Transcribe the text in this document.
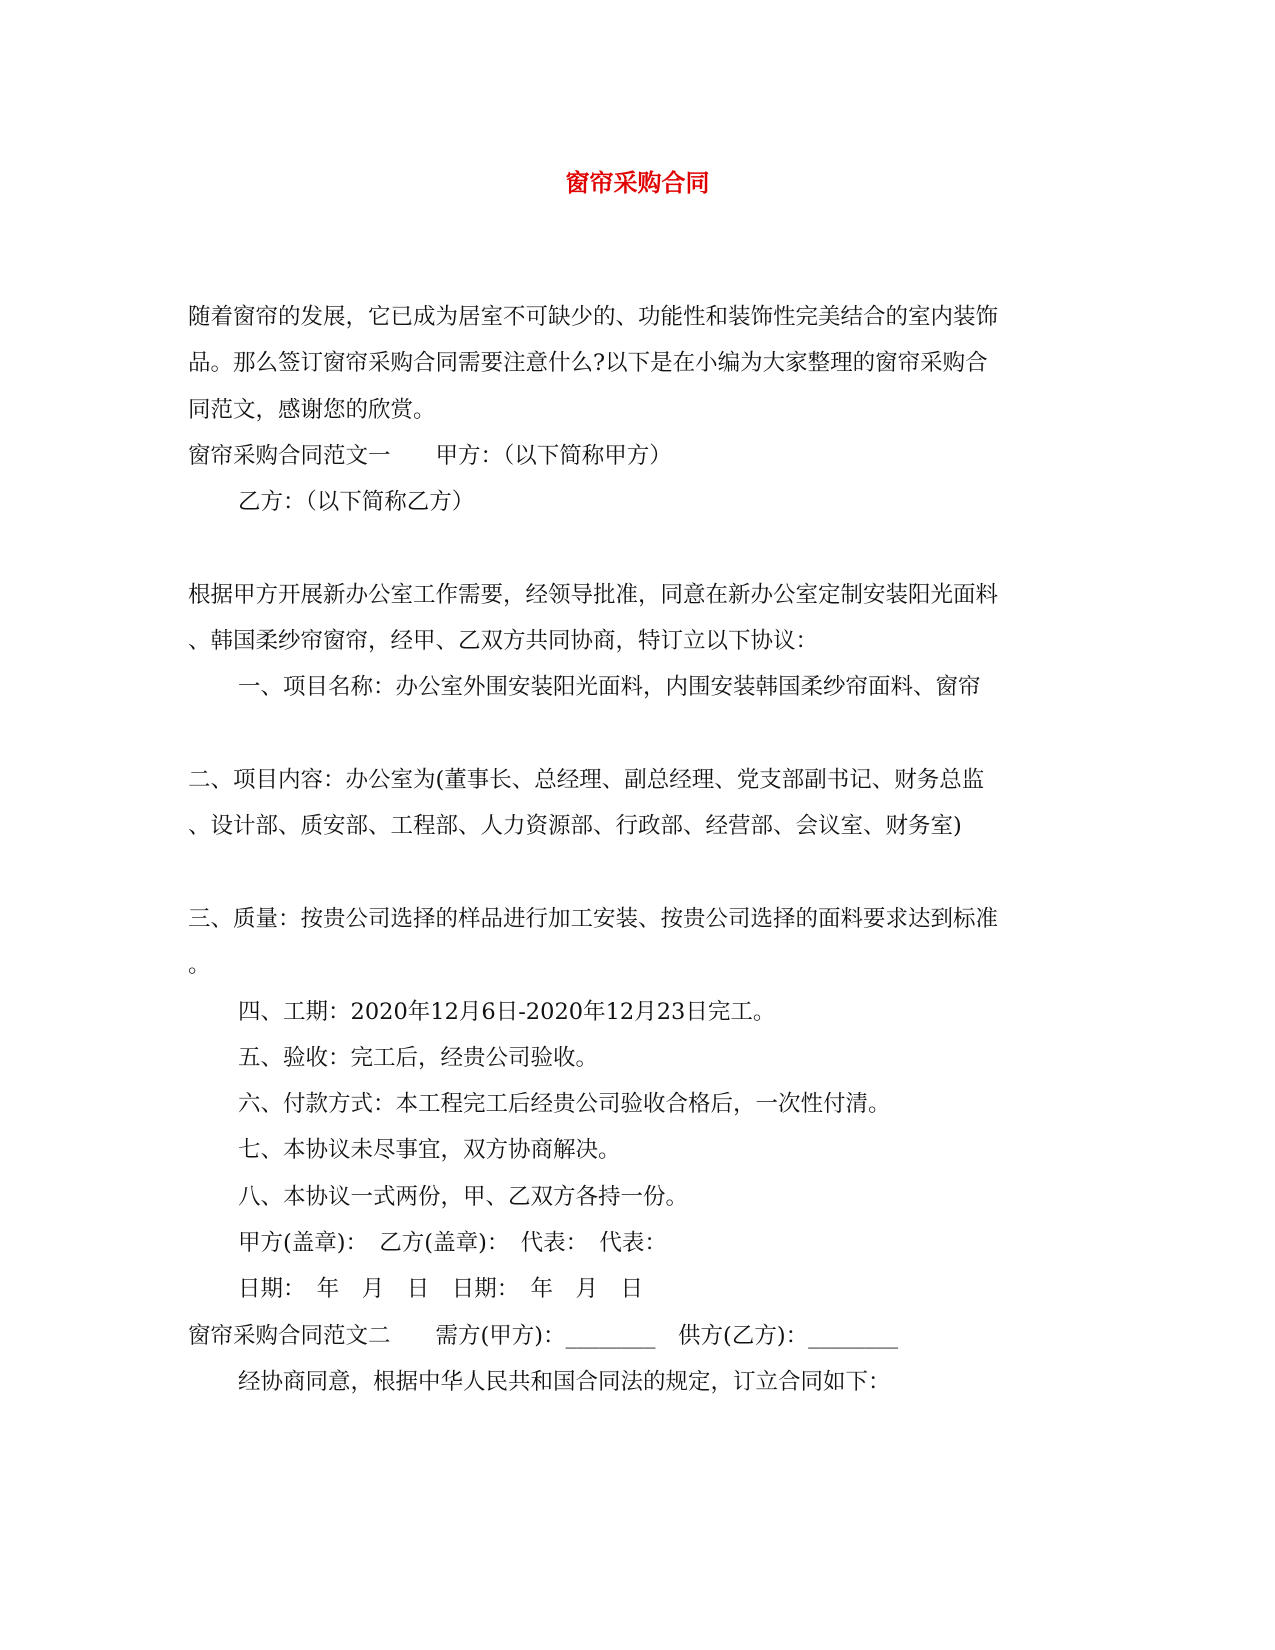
窗帘采购合同
随着窗帘的发展，它已成为居室不可缺少的、功能性和装饰性完美结合的室内装饰
品。那么签订窗帘采购合同需要注意什么?以下是在小编为大家整理的窗帘采购合
同范文，感谢您的欣赏。
窗帘采购合同范文一　　甲方：（以下简称甲方）
乙方：（以下简称乙方）
根据甲方开展新办公室工作需要，经领导批准，同意在新办公室定制安装阳光面料
、韩国柔纱帘窗帘，经甲、乙双方共同协商，特订立以下协议：
一、项目名称：办公室外围安装阳光面料，内围安装韩国柔纱帘面料、窗帘
二、项目内容：办公室为(董事长、总经理、副总经理、党支部副书记、财务总监
、设计部、质安部、工程部、人力资源部、行政部、经营部、会议室、财务室)
三、质量：按贵公司选择的样品进行加工安装、按贵公司选择的面料要求达到标准
。
四、工期：2020年12月6日-2020年12月23日完工。
五、验收：完工后，经贵公司验收。
六、付款方式：本工程完工后经贵公司验收合格后，一次性付清。
七、本协议未尽事宜，双方协商解决。
八、本协议一式两份，甲、乙双方各持一份。
甲方(盖章)：　乙方(盖章)：　代表：　代表：
日期：　年　月　日　日期：　年　月　日
窗帘采购合同范文二　　需方(甲方)：________　供方(乙方)：________
经协商同意，根据中华人民共和国合同法的规定，订立合同如下：
